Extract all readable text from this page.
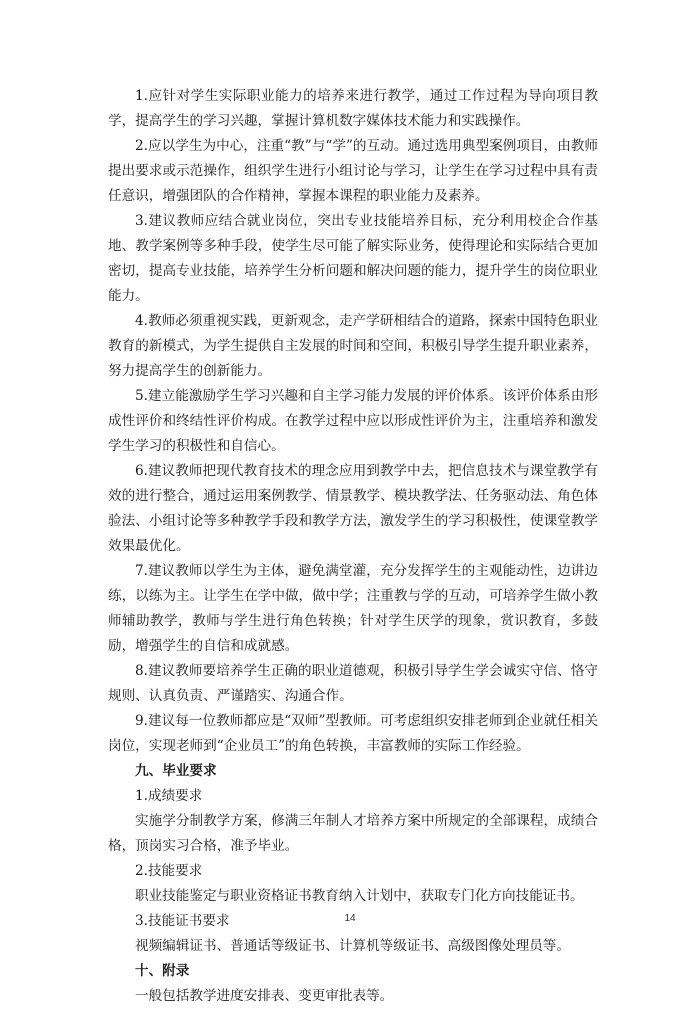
1.应针对学生实际职业能力的培养来进行教学，通过工作过程为导向项目教学，提高学生的学习兴趣，掌握计算机数字媒体技术能力和实践操作。

2.应以学生为中心，注重“教”与“学”的互动。通过选用典型案例项目，由教师提出要求或示范操作，组织学生进行小组讨论与学习，让学生在学习过程中具有责任意识，增强团队的合作精神，掌握本课程的职业能力及素养。

3.建议教师应结合就业岗位，突出专业技能培养目标，充分利用校企合作基地、教学案例等多种手段，使学生尽可能了解实际业务，使得理论和实际结合更加密切，提高专业技能，培养学生分析问题和解决问题的能力，提升学生的岗位职业能力。

4.教师必须重视实践，更新观念，走产学研相结合的道路，探索中国特色职业教育的新模式，为学生提供自主发展的时间和空间，积极引导学生提升职业素养，努力提高学生的创新能力。

5.建立能激励学生学习兴趣和自主学习能力发展的评价体系。该评价体系由形成性评价和终结性评价构成。在教学过程中应以形成性评价为主，注重培养和激发学生学习的积极性和自信心。

6.建议教师把现代教育技术的理念应用到教学中去，把信息技术与课堂教学有效的进行整合，通过运用案例教学、情景教学、模块教学法、任务驱动法、角色体验法、小组讨论等多种教学手段和教学方法，激发学生的学习积极性，使课堂教学效果最优化。

7.建议教师以学生为主体，避免满堂灌，充分发挥学生的主观能动性，边讲边练，以练为主。让学生在学中做，做中学；注重教与学的互动，可培养学生做小教师辅助教学，教师与学生进行角色转换；针对学生厌学的现象，赏识教育，多鼓励，增强学生的自信和成就感。

8.建议教师要培养学生正确的职业道德观，积极引导学生学会诚实守信、恪守规则、认真负责、严谨踏实、沟通合作。

9.建议每一位教师都应是“双师”型教师。可考虑组织安排老师到企业就任相关岗位，实现老师到“企业员工”的角色转换，丰富教师的实际工作经验。

九、毕业要求

1.成绩要求

实施学分制教学方案，修满三年制人才培养方案中所规定的全部课程，成绩合格，顶岗实习合格，准予毕业。

2.技能要求

职业技能鉴定与职业资格证书教育纳入计划中，获取专门化方向技能证书。

3.技能证书要求

视频编辑证书、普通话等级证书、计算机等级证书、高级图像处理员等。

十、附录

一般包括教学进度安排表、变更审批表等。

14
